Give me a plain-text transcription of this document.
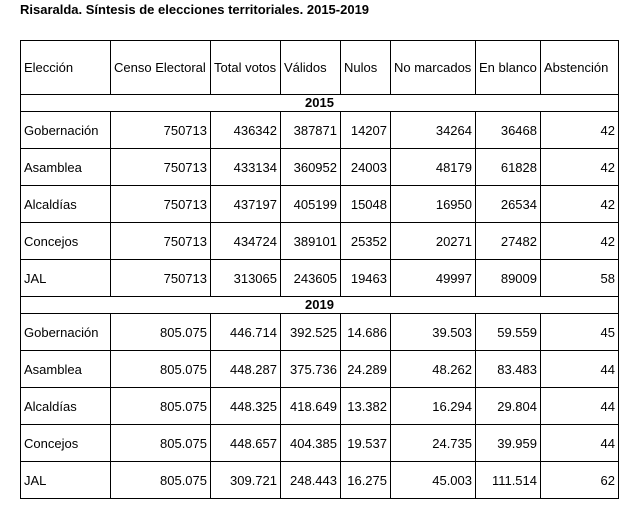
Risaralda. Síntesis de elecciones territoriales. 2015-2019
Elección	Censo Electoral	Total votos	Válidos	Nulos	No marcados	En blanco	Abstención
2015							
Gobernación	750713	436342	387871	14207	34264	36468	42
Asamblea	750713	433134	360952	24003	48179	61828	42
Alcaldías	750713	437197	405199	15048	16950	26534	42
Concejos	750713	434724	389101	25352	20271	27482	42
JAL	750713	313065	243605	19463	49997	89009	58
2019							
Gobernación	805.075	446.714	392.525	14.686	39.503	59.559	45
Asamblea	805.075	448.287	375.736	24.289	48.262	83.483	44
Alcaldías	805.075	448.325	418.649	13.382	16.294	29.804	44
Concejos	805.075	448.657	404.385	19.537	24.735	39.959	44
JAL	805.075	309.721	248.443	16.275	45.003	111.514	62
